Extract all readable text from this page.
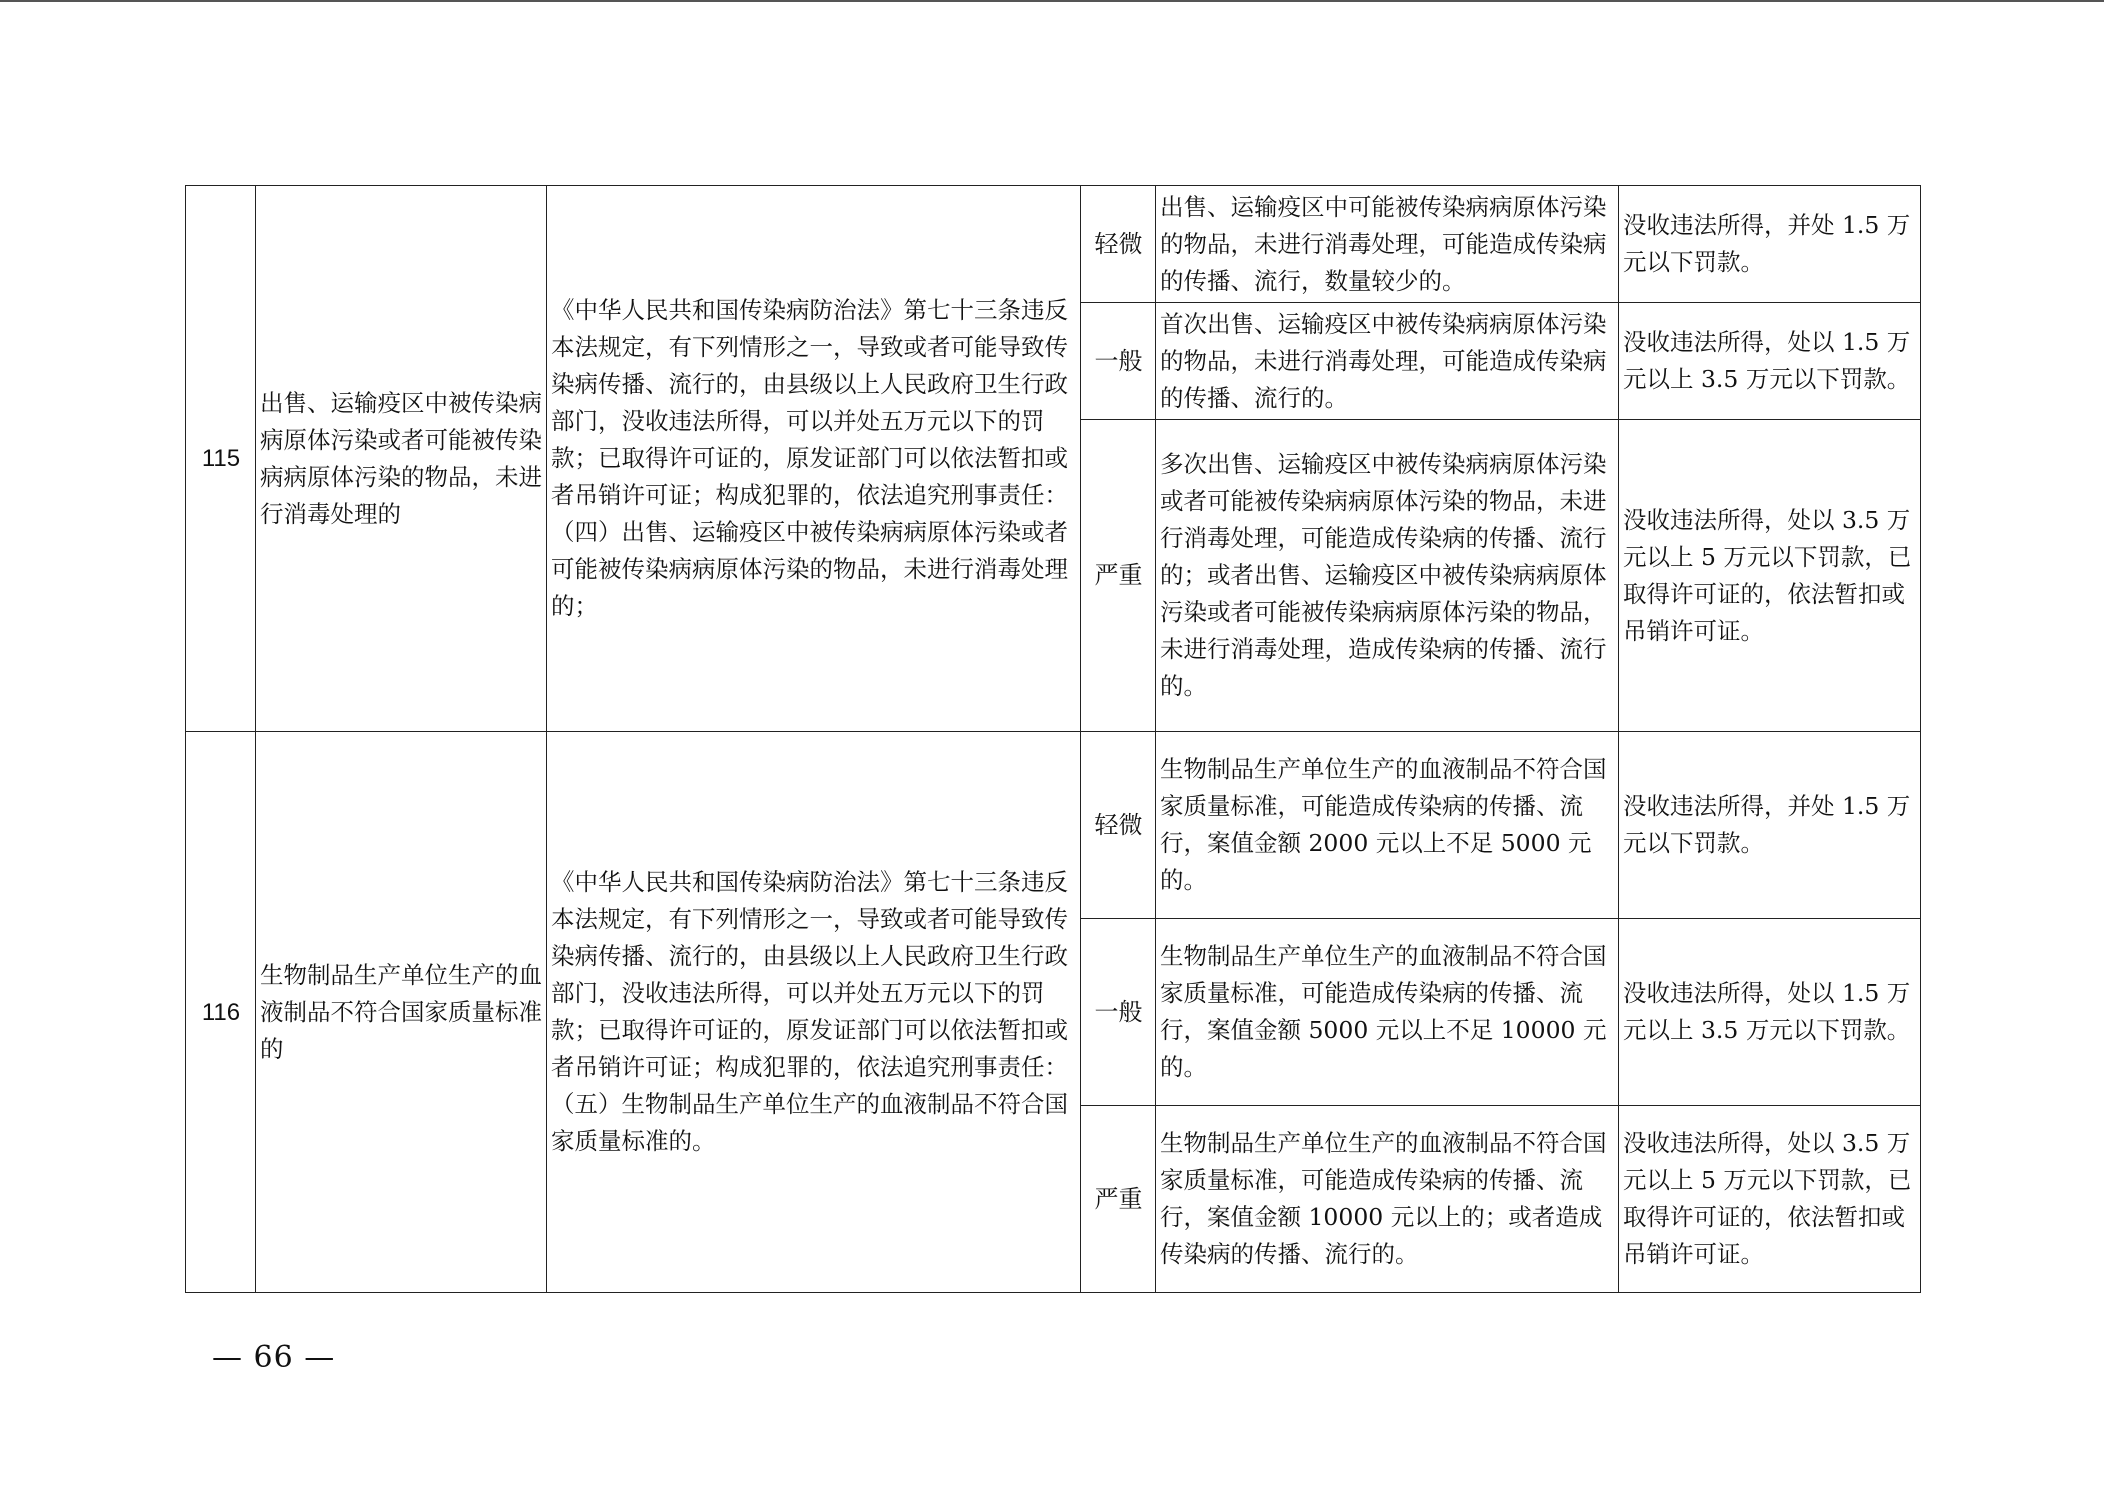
115	出售、运输疫区中被传染病病原体污染或者可能被传染病病原体污染的物品，未进行消毒处理的	《中华人民共和国传染病防治法》第七十三条违反本法规定，有下列情形之一，导致或者可能导致传染病传播、流行的，由县级以上人民政府卫生行政部门，没收违法所得，可以并处五万元以下的罚款；已取得许可证的，原发证部门可以依法暂扣或者吊销许可证；构成犯罪的，依法追究刑事责任：（四）出售、运输疫区中被传染病病原体污染或者可能被传染病病原体污染的物品，未进行消毒处理的；	轻微	出售、运输疫区中可能被传染病病原体污染的物品，未进行消毒处理，可能造成传染病的传播、流行，数量较少的。	没收违法所得，并处 1.5 万元以下罚款。
			一般	首次出售、运输疫区中被传染病病原体污染的物品，未进行消毒处理，可能造成传染病的传播、流行的。	没收违法所得，处以 1.5 万元以上 3.5 万元以下罚款。
			严重	多次出售、运输疫区中被传染病病原体污染或者可能被传染病病原体污染的物品，未进行消毒处理，可能造成传染病的传播、流行的；或者出售、运输疫区中被传染病病原体污染或者可能被传染病病原体污染的物品，未进行消毒处理，造成传染病的传播、流行的。	没收违法所得，处以 3.5 万元以上 5 万元以下罚款，已取得许可证的，依法暂扣或吊销许可证。
116	生物制品生产单位生产的血液制品不符合国家质量标准的	《中华人民共和国传染病防治法》第七十三条违反本法规定，有下列情形之一，导致或者可能导致传染病传播、流行的，由县级以上人民政府卫生行政部门，没收违法所得，可以并处五万元以下的罚款；已取得许可证的，原发证部门可以依法暂扣或者吊销许可证；构成犯罪的，依法追究刑事责任：（五）生物制品生产单位生产的血液制品不符合国家质量标准的。	轻微	生物制品生产单位生产的血液制品不符合国家质量标准，可能造成传染病的传播、流行，案值金额 2000 元以上不足 5000 元的。	没收违法所得，并处 1.5 万元以下罚款。
			一般	生物制品生产单位生产的血液制品不符合国家质量标准，可能造成传染病的传播、流行，案值金额 5000 元以上不足 10000 元的。	没收违法所得，处以 1.5 万元以上 3.5 万元以下罚款。
			严重	生物制品生产单位生产的血液制品不符合国家质量标准，可能造成传染病的传播、流行，案值金额 10000 元以上的；或者造成传染病的传播、流行的。	没收违法所得，处以 3.5 万元以上 5 万元以下罚款，已取得许可证的，依法暂扣或吊销许可证。
— 66 —
